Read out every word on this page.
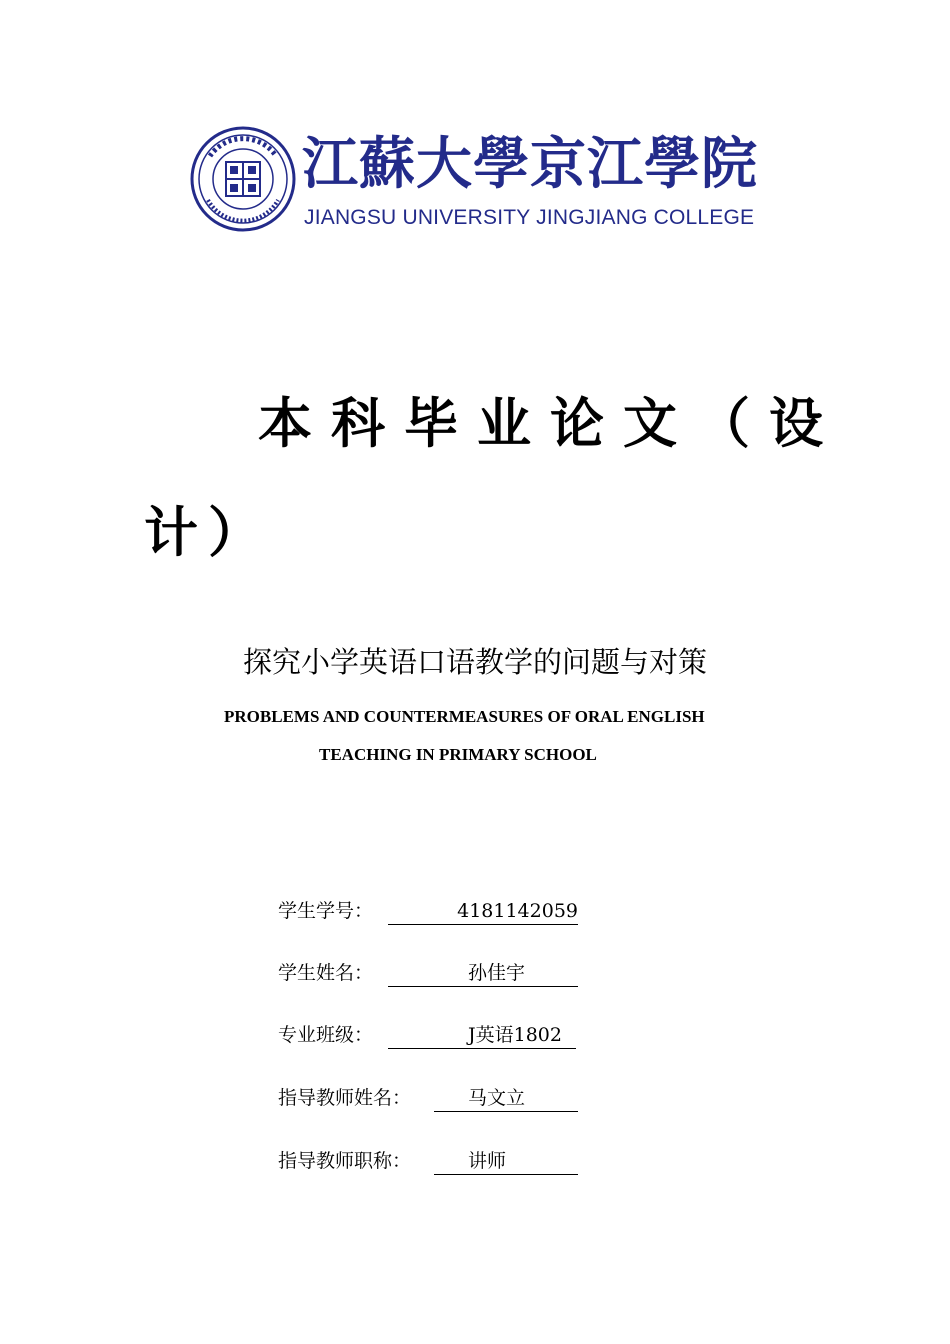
江蘇大學京江學院
JIANGSU UNIVERSITY JINGJIANG COLLEGE
本科毕业论文（设
计）
探究小学英语口语教学的问题与对策
PROBLEMS AND COUNTERMEASURES OF ORAL ENGLISH
TEACHING IN PRIMARY SCHOOL
学生学号：	4181142059
学生姓名：	孙佳宇
专业班级：	J英语1802
指导教师姓名：	马文立
指导教师职称：	讲师
